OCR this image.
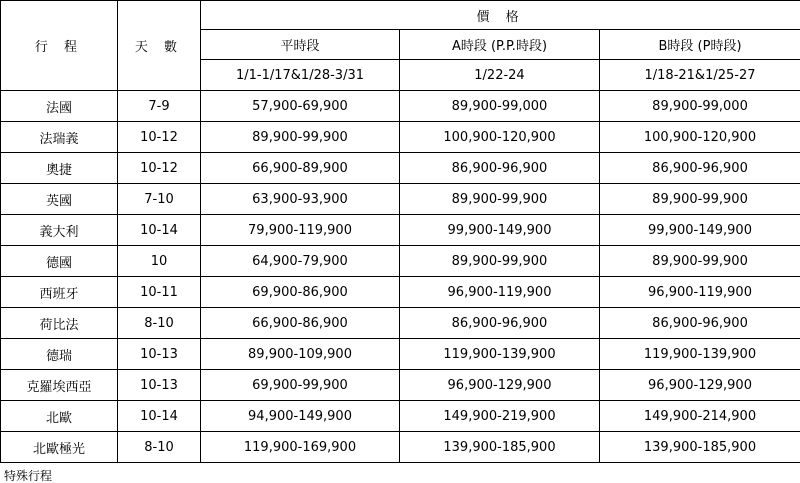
行 程	天 數	價 格		
		平時段	A時段 (P.P.時段)	B時段 (P時段)
		1/1-1/17&1/28-3/31	1/22-24	1/18-21&1/25-27
法國	7-9	57,900-69,900	89,900-99,000	89,900-99,000
法瑞義	10-12	89,900-99,900	100,900-120,900	100,900-120,900
奧捷	10-12	66,900-89,900	86,900-96,900	86,900-96,900
英國	7-10	63,900-93,900	89,900-99,900	89,900-99,900
義大利	10-14	79,900-119,900	99,900-149,900	99,900-149,900
德國	10	64,900-79,900	89,900-99,900	89,900-99,900
西班牙	10-11	69,900-86,900	96,900-119,900	96,900-119,900
荷比法	8-10	66,900-86,900	86,900-96,900	86,900-96,900
德瑞	10-13	89,900-109,900	119,900-139,900	119,900-139,900
克羅埃西亞	10-13	69,900-99,900	96,900-129,900	96,900-129,900
北歐	10-14	94,900-149,900	149,900-219,900	149,900-214,900
北歐極光	8-10	119,900-169,900	139,900-185,900	139,900-185,900
特殊行程
